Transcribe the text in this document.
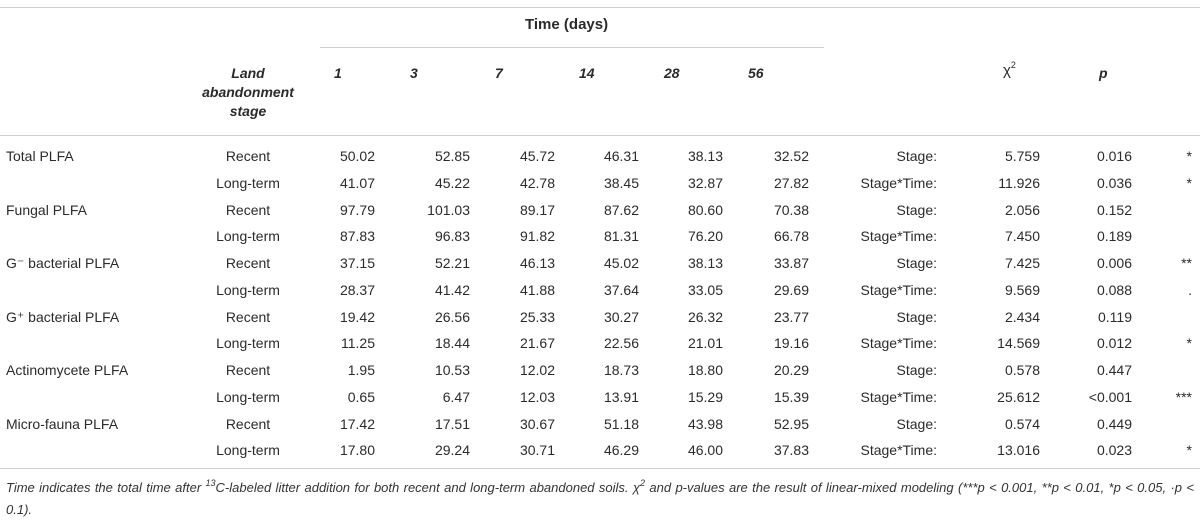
Time (days)
Land
abandonment
stage
1	3	7	14	28	56	$\chi^2$	p
Total PLFA	Recent	50.02	52.85	45.72	46.31	38.13	32.52	Stage:	5.759	0.016	*
Long-term	41.07	45.22	42.78	38.45	32.87	27.82	Stage*Time:	11.926	0.036	*
Fungal PLFA	Recent	97.79	101.03	89.17	87.62	80.60	70.38	Stage:	2.056	0.152
Long-term	87.83	96.83	91.82	81.31	76.20	66.78	Stage*Time:	7.450	0.189
G⁻ bacterial PLFA	Recent	37.15	52.21	46.13	45.02	38.13	33.87	Stage:	7.425	0.006	**
Long-term	28.37	41.42	41.88	37.64	33.05	29.69	Stage*Time:	9.569	0.088	.
G⁺ bacterial PLFA	Recent	19.42	26.56	25.33	30.27	26.32	23.77	Stage:	2.434	0.119
Long-term	11.25	18.44	21.67	22.56	21.01	19.16	Stage*Time:	14.569	0.012	*
Actinomycete PLFA	Recent	1.95	10.53	12.02	18.73	18.80	20.29	Stage:	0.578	0.447
Long-term	0.65	6.47	12.03	13.91	15.29	15.39	Stage*Time:	25.612	<0.001	***
Micro-fauna PLFA	Recent	17.42	17.51	30.67	51.18	43.98	52.95	Stage:	0.574	0.449
Long-term	17.80	29.24	30.71	46.29	46.00	37.83	Stage*Time:	13.016	0.023	*
Time indicates the total time after $^{13}$C-labeled litter addition for both recent and long-term abandoned soils. $\chi^2$ and p-values are the result of linear-mixed modeling (***p < 0.001, **p < 0.01, *p < 0.05, ·p < 0.1).
